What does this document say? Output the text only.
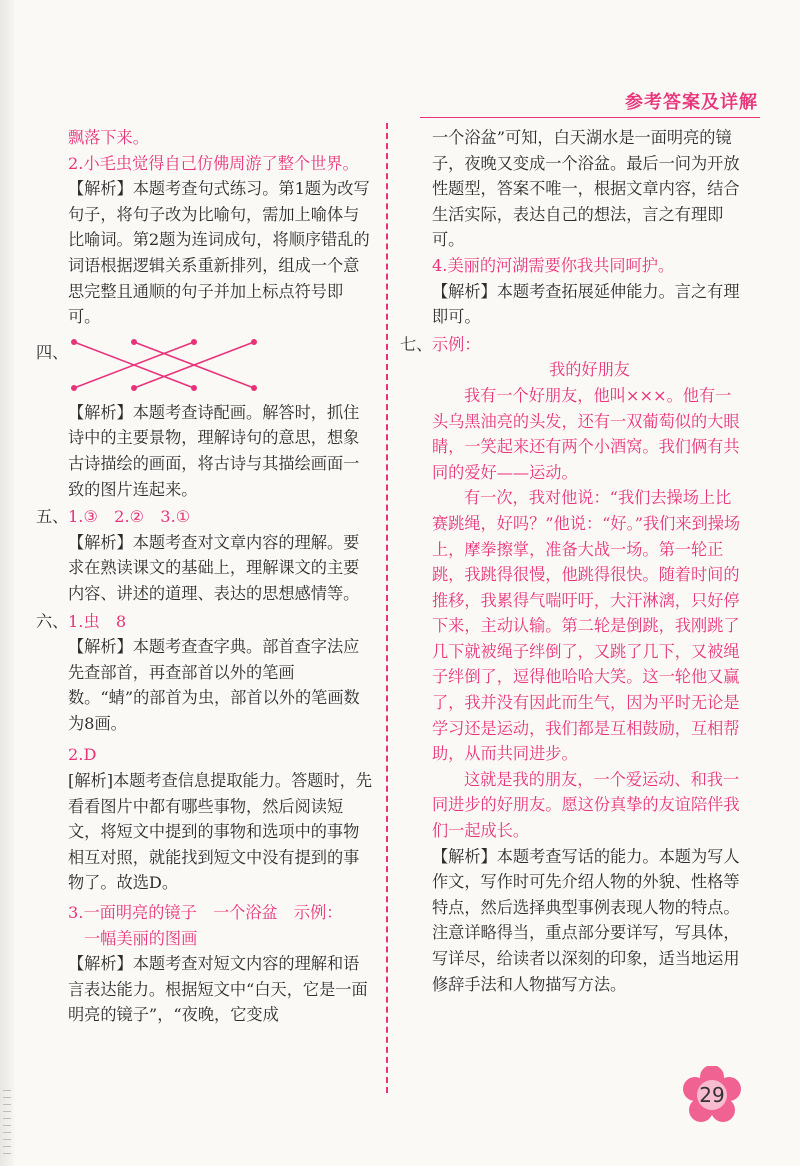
参考答案及详解

飘落下来。

2.小毛虫觉得自己仿佛周游了整个世界。

【解析】本题考查句式练习。第1题为改写句子，将句子改为比喻句，需加上喻体与比喻词。第2题为连词成句，将顺序错乱的词语根据逻辑关系重新排列，组成一个意思完整且通顺的句子并加上标点符号即可。

四、

【解析】本题考查诗配画。解答时，抓住诗中的主要景物，理解诗句的意思，想象古诗描绘的画面，将古诗与其描绘画面一致的图片连起来。

五、 1.③　2.②　3.①

【解析】本题考查对文章内容的理解。要求在熟读课文的基础上，理解课文的主要内容、讲述的道理、表达的思想感情等。

六、 1.虫　8

【解析】本题考查查字典。部首查字法应先查部首，再查部首以外的笔画数。“蜻”的部首为虫，部首以外的笔画数为8画。

2.D

[解析]本题考查信息提取能力。答题时，先看看图片中都有哪些事物，然后阅读短文，将短文中提到的事物和选项中的事物相互对照，就能找到短文中没有提到的事物了。故选D。

3.一面明亮的镜子　一个浴盆　示例：

一幅美丽的图画

【解析】本题考查对短文内容的理解和语言表达能力。根据短文中“白天，它是一面明亮的镜子”，“夜晚，它变成

一个浴盆”可知，白天湖水是一面明亮的镜子，夜晚又变成一个浴盆。最后一问为开放性题型，答案不唯一，根据文章内容，结合生活实际，表达自己的想法，言之有理即可。

4.美丽的河湖需要你我共同呵护。

【解析】本题考查拓展延伸能力。言之有理即可。

七、 示例：

我的好朋友

我有一个好朋友，他叫×××。他有一头乌黑油亮的头发，还有一双葡萄似的大眼睛，一笑起来还有两个小酒窝。我们俩有共同的爱好——运动。

有一次，我对他说：“我们去操场上比赛跳绳，好吗？”他说：“好。”我们来到操场上，摩拳擦掌，准备大战一场。第一轮正跳，我跳得很慢，他跳得很快。随着时间的推移，我累得气喘吁吁，大汗淋漓，只好停下来，主动认输。第二轮是倒跳，我刚跳了几下就被绳子绊倒了，又跳了几下，又被绳子绊倒了，逗得他哈哈大笑。这一轮他又赢了，我并没有因此而生气，因为平时无论是学习还是运动，我们都是互相鼓励，互相帮助，从而共同进步。

这就是我的朋友，一个爱运动、和我一同进步的好朋友。愿这份真挚的友谊陪伴我们一起成长。

【解析】本题考查写话的能力。本题为写人作文，写作时可先介绍人物的外貌、性格等特点，然后选择典型事例表现人物的特点。注意详略得当，重点部分要详写，写具体，写详尽，给读者以深刻的印象，适当地运用修辞手法和人物描写方法。

29
